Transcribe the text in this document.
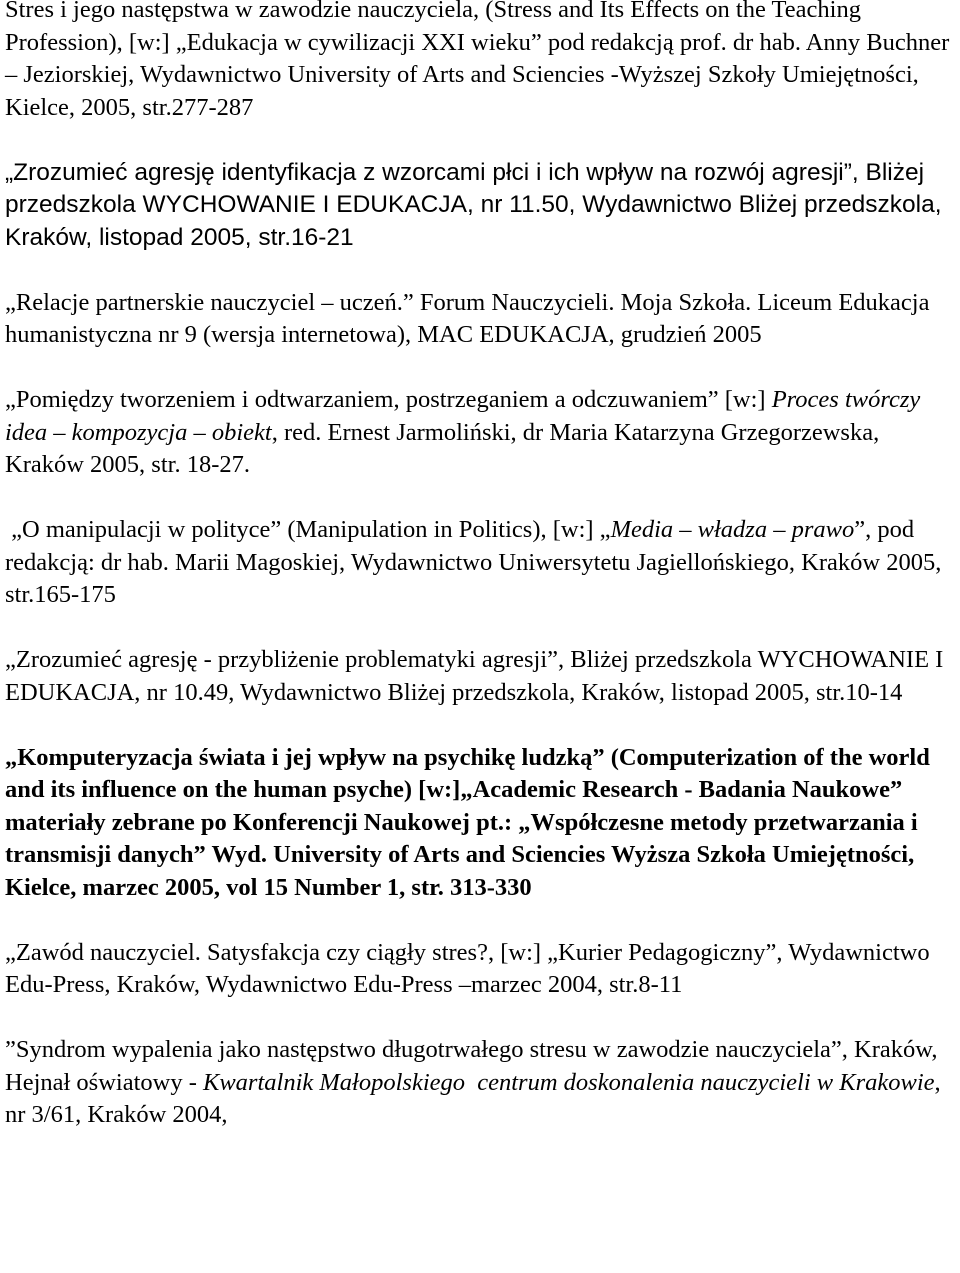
Stres i jego następstwa w zawodzie nauczyciela, (Stress and Its Effects on the Teaching Profession), [w:] „Edukacja w cywilizacji XXI wieku” pod redakcją prof. dr hab. Anny Buchner – Jeziorskiej, Wydawnictwo University of Arts and Sciencies -Wyższej Szkoły Umiejętności, Kielce, 2005, str.277-287

„Zrozumieć agresję identyfikacja z wzorcami płci i ich wpływ na rozwój agresji”, Bliżej przedszkola WYCHOWANIE I EDUKACJA, nr 11.50, Wydawnictwo Bliżej przedszkola, Kraków, listopad 2005, str.16-21

„Relacje partnerskie nauczyciel – uczeń.” Forum Nauczycieli. Moja Szkoła. Liceum Edukacja humanistyczna nr 9 (wersja internetowa), MAC EDUKACJA, grudzień 2005

„Pomiędzy tworzeniem i odtwarzaniem, postrzeganiem a odczuwaniem” [w:] Proces twórczy idea – kompozycja – obiekt, red. Ernest Jarmoliński, dr Maria Katarzyna Grzegorzewska,  Kraków 2005, str. 18-27.

„O manipulacji w polityce” (Manipulation in Politics), [w:] „Media – władza – prawo”, pod redakcją: dr hab. Marii Magoskiej, Wydawnictwo Uniwersytetu Jagiellońskiego, Kraków 2005, str.165-175

„Zrozumieć agresję - przybliżenie problematyki agresji”, Bliżej przedszkola WYCHOWANIE I EDUKACJA, nr 10.49, Wydawnictwo Bliżej przedszkola, Kraków, listopad 2005, str.10-14

„Komputeryzacja świata i jej wpływ na psychikę ludzką” (Computerization of the world and its influence on the human psyche) [w:]„Academic Research - Badania Naukowe” materiały zebrane po Konferencji Naukowej pt.: „Współczesne metody przetwarzania i transmisji danych” Wyd. University of Arts and Sciencies Wyższa Szkoła Umiejętności, Kielce, marzec 2005, vol 15 Number 1, str. 313-330

„Zawód nauczyciel. Satysfakcja czy ciągły stres?, [w:] „Kurier Pedagogiczny”, Wydawnictwo Edu-Press, Kraków, Wydawnictwo Edu-Press –marzec 2004, str.8-11

”Syndrom wypalenia jako następstwo długotrwałego stresu w zawodzie nauczyciela”, Kraków, Hejnał oświatowy - Kwartalnik Małopolskiego  centrum doskonalenia nauczycieli w Krakowie, nr 3/61, Kraków 2004,
